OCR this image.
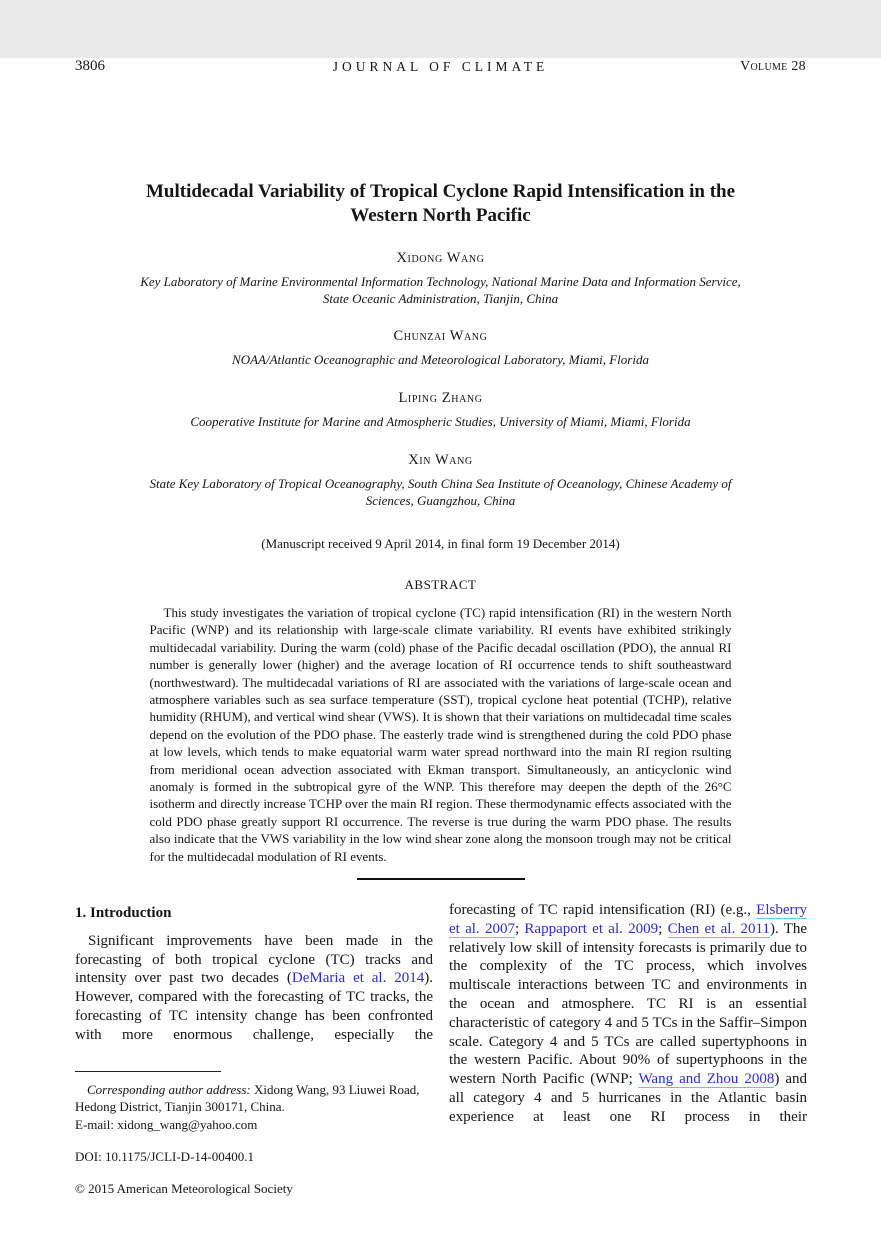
3806	JOURNAL OF CLIMATE	Volume 28
Multidecadal Variability of Tropical Cyclone Rapid Intensification in the Western North Pacific
Xidong Wang
Key Laboratory of Marine Environmental Information Technology, National Marine Data and Information Service, State Oceanic Administration, Tianjin, China
Chunzai Wang
NOAA/Atlantic Oceanographic and Meteorological Laboratory, Miami, Florida
Liping Zhang
Cooperative Institute for Marine and Atmospheric Studies, University of Miami, Miami, Florida
Xin Wang
State Key Laboratory of Tropical Oceanography, South China Sea Institute of Oceanology, Chinese Academy of Sciences, Guangzhou, China
(Manuscript received 9 April 2014, in final form 19 December 2014)
ABSTRACT
This study investigates the variation of tropical cyclone (TC) rapid intensification (RI) in the western North Pacific (WNP) and its relationship with large-scale climate variability. RI events have exhibited strikingly multidecadal variability. During the warm (cold) phase of the Pacific decadal oscillation (PDO), the annual RI number is generally lower (higher) and the average location of RI occurrence tends to shift southeastward (northwestward). The multidecadal variations of RI are associated with the variations of large-scale ocean and atmosphere variables such as sea surface temperature (SST), tropical cyclone heat potential (TCHP), relative humidity (RHUM), and vertical wind shear (VWS). It is shown that their variations on multidecadal time scales depend on the evolution of the PDO phase. The easterly trade wind is strengthened during the cold PDO phase at low levels, which tends to make equatorial warm water spread northward into the main RI region rsulting from meridional ocean advection associated with Ekman transport. Simultaneously, an anticyclonic wind anomaly is formed in the subtropical gyre of the WNP. This therefore may deepen the depth of the 26°C isotherm and directly increase TCHP over the main RI region. These thermodynamic effects associated with the cold PDO phase greatly support RI occurrence. The reverse is true during the warm PDO phase. The results also indicate that the VWS variability in the low wind shear zone along the monsoon trough may not be critical for the multidecadal modulation of RI events.
1. Introduction

Significant improvements have been made in the forecasting of both tropical cyclone (TC) tracks and intensity over past two decades (DeMaria et al. 2014). However, compared with the forecasting of TC tracks, the forecasting of TC intensity change has been confronted with more enormous challenge, especially the

Corresponding author address: Xidong Wang, 93 Liuwei Road, Hedong District, Tianjin 300171, China.
E-mail: xidong_wang@yahoo.com
DOI: 10.1175/JCLI-D-14-00400.1
© 2015 American Meteorological Society

forecasting of TC rapid intensification (RI) (e.g., Elsberry et al. 2007; Rappaport et al. 2009; Chen et al. 2011). The relatively low skill of intensity forecasts is primarily due to the complexity of the TC process, which involves multiscale interactions between TC and environments in the ocean and atmosphere. TC RI is an essential characteristic of category 4 and 5 TCs in the Saffir–Simpon scale. Category 4 and 5 TCs are called supertyphoons in the western Pacific. About 90% of supertyphoons in the western North Pacific (WNP; Wang and Zhou 2008) and all category 4 and 5 hurricanes in the Atlantic basin experience at least one RI process in their
